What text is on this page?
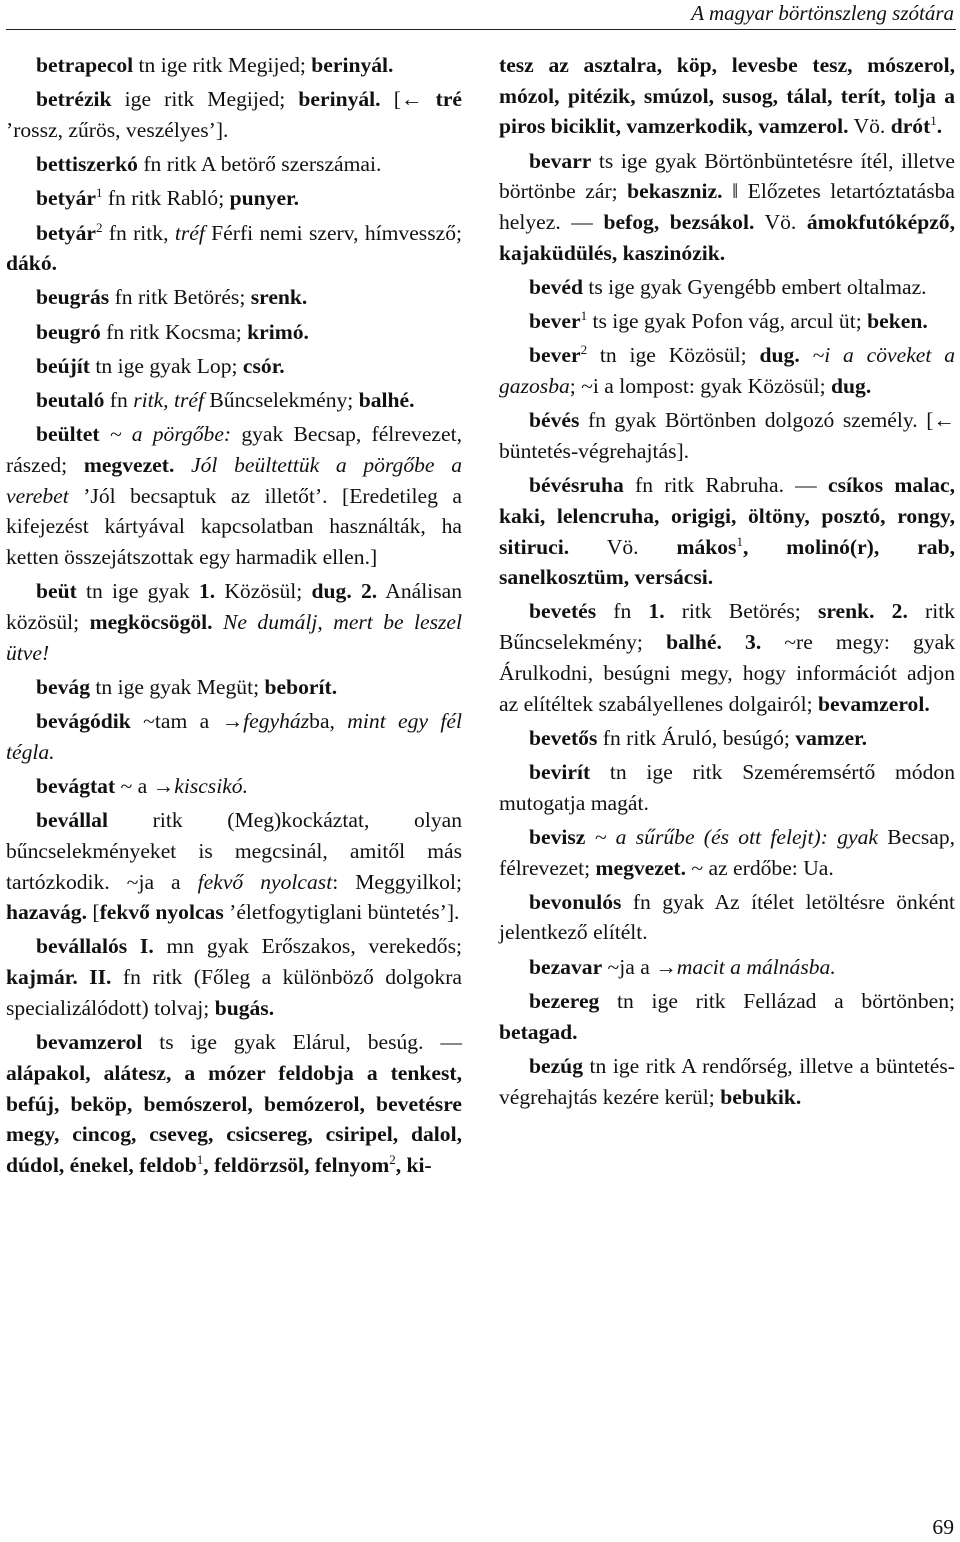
A magyar börtönszleng szótára
betrapecol tn ige ritk Megijed; berinyál.
betrézik ige ritk Megijed; berinyál. [← tré ’rossz, zűrös, veszélyes’].
bettiszerkó fn ritk A betörő szerszámai.
betyár$^1$ fn ritk Rabló; punyer.
betyár$^2$ fn ritk, tréf Férfi nemi szerv, hímvessző; dákó.
beugrás fn ritk Betörés; srenk.
beugró fn ritk Kocsma; krimó.
beújít tn ige gyak Lop; csór.
beutaló fn ritk, tréf Bűncselekmény; balhé.
beültet ~ a pörgőbe: gyak Becsap, félrevezet, rászed; megvezet. Jól beültettük a pörgőbe a verebet ’Jól becsaptuk az illetőt’. [Eredetileg a kifejezést kártyával kapcsolatban használták, ha ketten összejátszottak egy harmadik ellen.]
beüt tn ige gyak 1. Közösül; dug. 2. Análisan közösül; megköcsögöl. Ne dumálj, mert be leszel ütve!
bevág tn ige gyak Megüt; beborít.
bevágódik ~tam a →fegyházba, mint egy fél tégla.
bevágtat ~ a →kiscsikó.
bevállal ritk (Meg)kockáztat, olyan bűncselekményeket is megcsinál, amitől más tartózkodik. ~ja a fekvő nyolcast: Meggyilkol; hazavág. [fekvő nyolcas ’életfogytiglani büntetés’].
bevállalós I. mn gyak Erőszakos, verekedős; kajmár. II. fn ritk (Főleg a különböző dolgokra specializálódott) tolvaj; bugás.
bevamzerol ts ige gyak Elárul, besúg. — alápakol, alátesz, a mózer feldobja a tenkest, befúj, beköp, bemószerol, bemózerol, bevetésre megy, cincog, csevеg, csicsereg, csiripel, dalol, dúdol, énekel, feldob$^1$, feldörzsöl, felnyom$^2$, ki-
tesz az asztalra, köp, levesbe tesz, mószerol, mózol, pitézik, smúzol, susog, tálal, terít, tolja a piros biciklit, vamzerkodik, vamzerol. Vö. drót$^1$.
bevarr ts ige gyak Börtönbüntetésre ítél, illetve börtönbe zár; bekaszniz. ‖ Előzetes letartóztatásba helyez. — befog, bezsákol. Vö. ámokfutóképző, kajaküdülés, kaszinózik.
bevéd ts ige gyak Gyengébb embert oltalmaz.
bever$^1$ ts ige gyak Pofon vág, arcul üt; beken.
bever$^2$ tn ige Közösül; dug. ~i a cöveket a gazosba; ~i a lompost: gyak Közösül; dug.
bévés fn gyak Börtönben dolgozó személy. [← büntetés-végrehajtás].
bévésruha fn ritk Rabruha. — csíkos malac, kaki, lelencruha, origigi, öltöny, posztó, rongy, sitiruci. Vö. mákos$^1$, molinó(r), rab, sanelkosztüm, versácsi.
bevetés fn 1. ritk Betörés; srenk. 2. ritk Bűncselekmény; balhé. 3. ~re megy: gyak Árulkodni, besúgni megy, hogy információt adjon az elítéltek szabályellenes dolgairól; bevamzerol.
bevetős fn ritk Áruló, besúgó; vamzer.
bevirít tn ige ritk Szeméremsértő módon mutogatja magát.
bevisz ~ a sűrűbe (és ott felejt): gyak Becsap, félrevezet; megvezet. ~ az erdőbe: Ua.
bevonulós fn gyak Az ítélet letöltésre önként jelentkező elítélt.
bezavar ~ja a →macit a málnásba.
bezereg tn ige ritk Fellázad a börtönben; betagad.
bezúg tn ige ritk A rendőrség, illetve a büntetés-végrehajtás kezére kerül; bebukik.
69
